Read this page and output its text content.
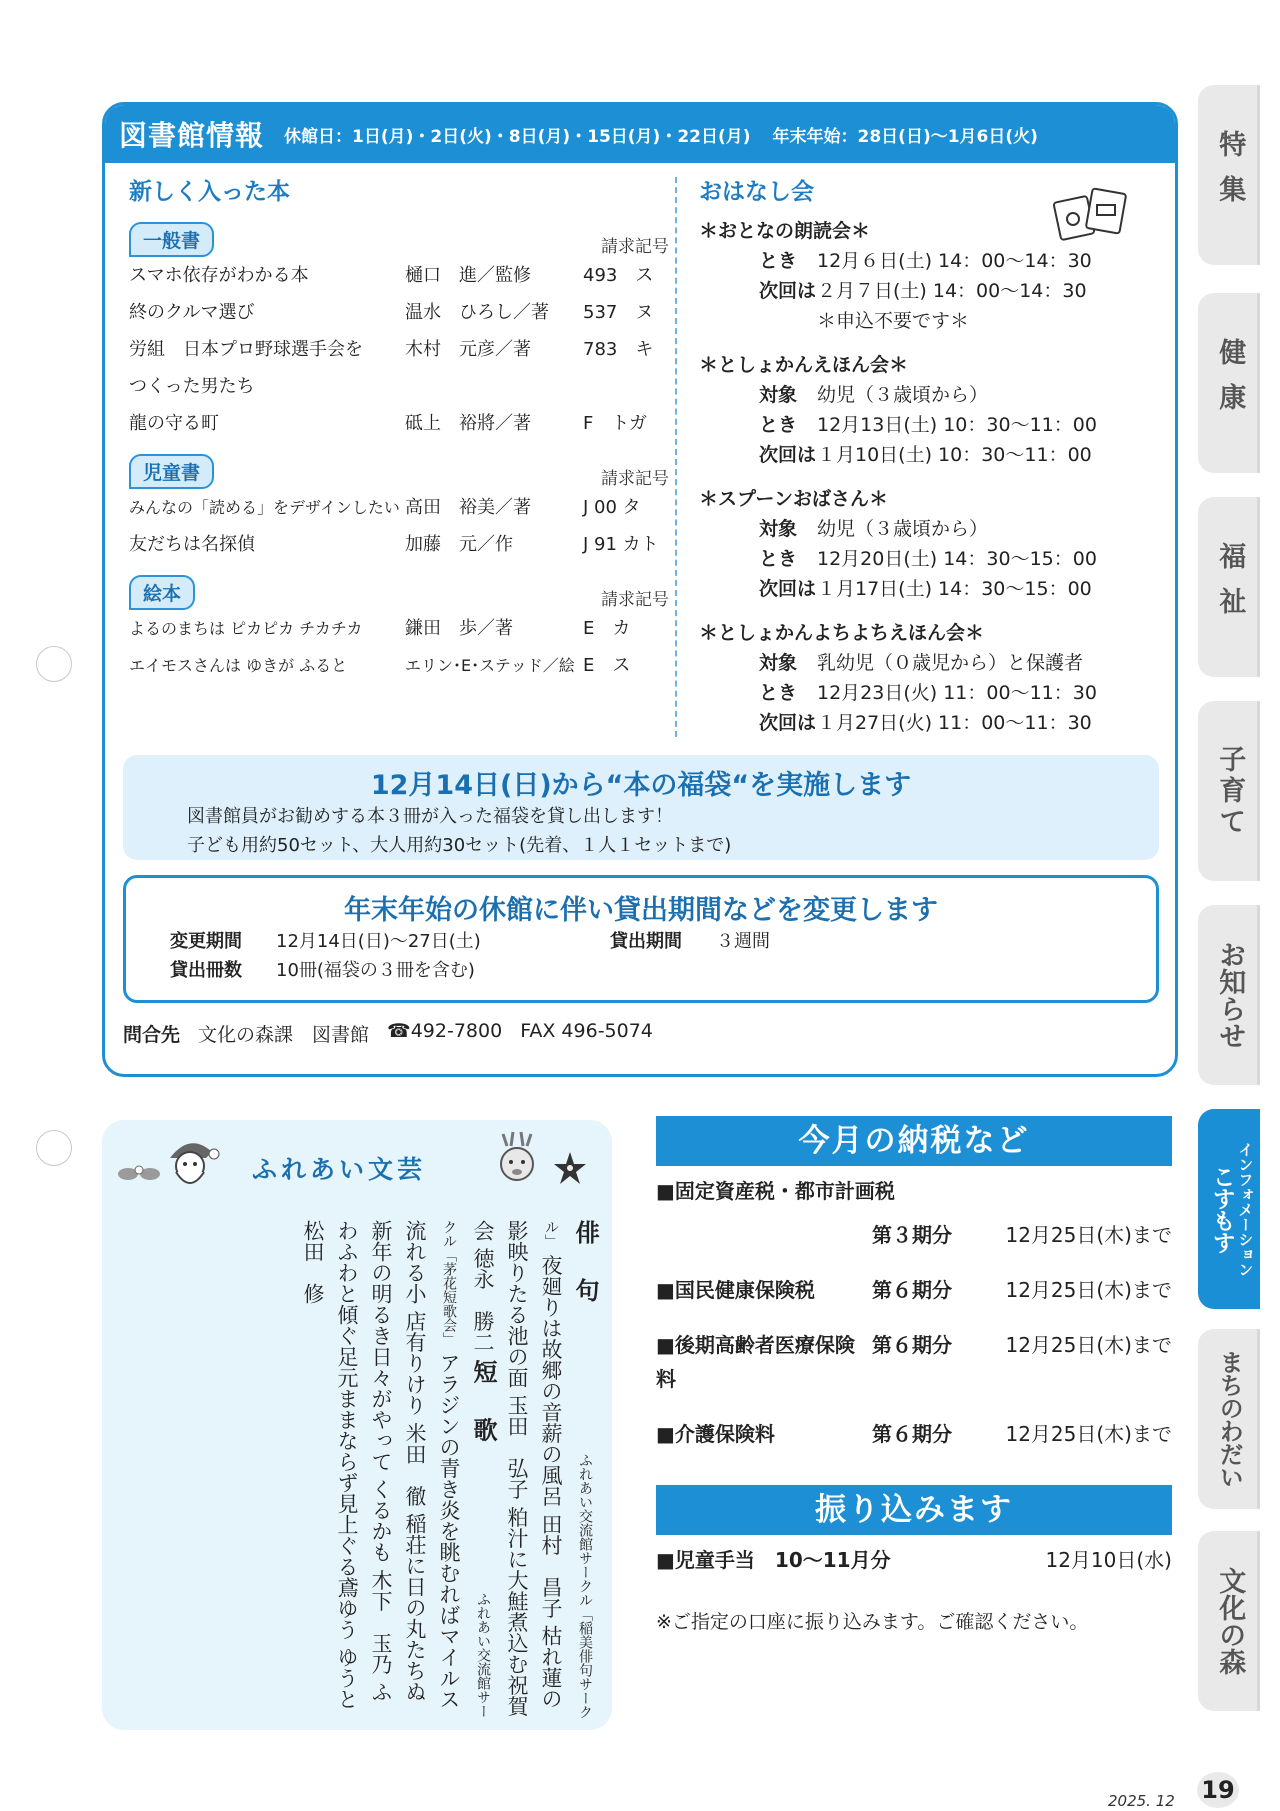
図書館情報 休館日：1日(月)・2日(火)・8日(月)・15日(月)・22日(月) 年末年始：28日(日)～1月6日(火)
新しく入った本
一般書	請求記号
スマホ依存がわかる本	樋口　進／監修	493　ス
終のクルマ選び	温水　ひろし／著	537　ヌ
労組　日本プロ野球選手会を	木村　元彦／著	783　キ
つくった男たち
龍の守る町	砥上　裕將／著	F　トガ
児童書	請求記号
みんなの「読める」をデザインしたい 高田　裕美／著	J 00 タ
友だちは名探偵	加藤　元／作	J 91 カト
絵本	請求記号
よるのまちは ピカピカ チカチカ	鎌田　歩／著	E　カ
エイモスさんは ゆきが ふると	エリン･E･ステッド／絵 E　ス
おはなし会
＊おとなの朗読会＊
とき 12月６日(土) 14：00～14：30
次回は２月７日(土) 14：00～14：30
＊申込不要です＊
＊としょかんえほん会＊
対象 幼児（３歳頃から）
とき 12月13日(土) 10：30～11：00
次回は１月10日(土) 10：30～11：00
＊スプーンおばさん＊
対象 幼児（３歳頃から）
とき 12月20日(土) 14：30～15：00
次回は１月17日(土) 14：30～15：00
＊としょかんよちよちえほん会＊
対象 乳幼児（０歳児から）と保護者
とき 12月23日(火) 11：00～11：30
次回は１月27日(火) 11：00～11：30
12月14日(日)から“本の福袋“を実施します
図書館員がお勧めする本３冊が入った福袋を貸し出します！
子ども用約50セット、大人用約30セット(先着、１人１セットまで)
年末年始の休館に伴い貸出期間などを変更します
変更期間 12月14日(日)～27日(土)	貸出期間 ３週間
貸出冊数 10冊(福袋の３冊を含む)
問合先 文化の森課　図書館 ☎492-7800 FAX 496-5074
ふれあい文芸
俳句 ふれあい交流館サークル「稲美俳句サークル」 夜廻りは故郷の音薪の風呂 田村　昌子 枯れ蓮の影映りたる池の面 玉田　弘子 粕汁に大鮭煮込む祝賀会 徳永　勝二 短歌 ふれあい交流館サークル「茅花短歌会」 アラジンの青き炎を眺むればマイルス流れる小 店有りけり 米田　徹 稲荘に日の丸たちぬ新年の明るき日々がやって くるかも 木下　玉乃 ふわふわと傾ぐ足元ままならず見上ぐる鳶ゆう ゆうと 松田　修
今月の納税など
■ 固定資産税・都市計画税
第３期分	12月25日(木)まで
■ 国民健康保険税	第６期分	12月25日(木)まで
■ 後期高齢者医療保険料
第６期分	12月25日(木)まで
■ 介護保険料	第６期分	12月25日(木)まで
振り込みます
■ 児童手当　10～11月分	12月10日(水)
※ご指定の口座に振り込みます。ご確認ください。
特集
健康
福祉
子育て
お知らせ
こすもす インフォメーション
まちのわだい
文化の森
2025. 12 19
